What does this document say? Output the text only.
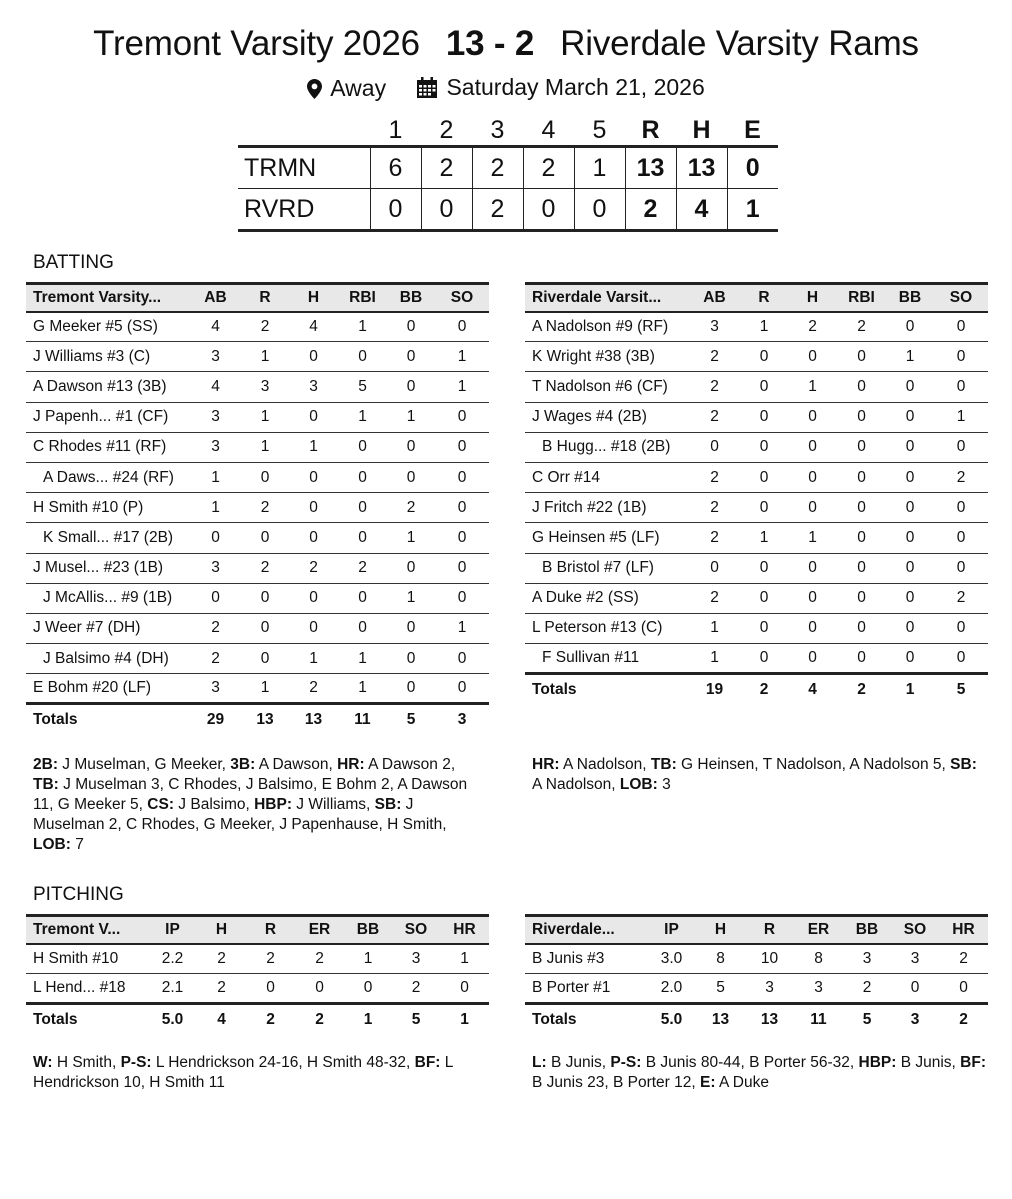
Tremont Varsity 2026 13 - 2 Riverdale Varsity Rams
Away
	Saturday March 21, 2026
	1	2	3	4	5	R	H	E
TRMN	6	2	2	2	1	13	13	0
RVRD	0	0	2	0	0	2	4	1
BATTING
Tremont Varsity...	AB	R	H	RBI	BB	SO
G Meeker #5 (SS)	4	2	4	1	0	0
J Williams #3 (C)	3	1	0	0	0	1
A Dawson #13 (3B)	4	3	3	5	0	1
J Papenh... #1 (CF)	3	1	0	1	1	0
C Rhodes #11 (RF)	3	1	1	0	0	0
A Daws... #24 (RF)	1	0	0	0	0	0
H Smith #10 (P)	1	2	0	0	2	0
K Small... #17 (2B)	0	0	0	0	1	0
J Musel... #23 (1B)	3	2	2	2	0	0
J McAllis... #9 (1B)	0	0	0	0	1	0
J Weer #7 (DH)	2	0	0	0	0	1
J Balsimo #4 (DH)	2	0	1	1	0	0
E Bohm #20 (LF)	3	1	2	1	0	0
Totals	29	13	13	11	5	3
Riverdale Varsit...	AB	R	H	RBI	BB	SO
A Nadolson #9 (RF)	3	1	2	2	0	0
K Wright #38 (3B)	2	0	0	0	1	0
T Nadolson #6 (CF)	2	0	1	0	0	0
J Wages #4 (2B)	2	0	0	0	0	1
B Hugg... #18 (2B)	0	0	0	0	0	0
C Orr #14	2	0	0	0	0	2
J Fritch #22 (1B)	2	0	0	0	0	0
G Heinsen #5 (LF)	2	1	1	0	0	0
B Bristol #7 (LF)	0	0	0	0	0	0
A Duke #2 (SS)	2	0	0	0	0	2
L Peterson #13 (C)	1	0	0	0	0	0
F Sullivan #11	1	0	0	0	0	0
Totals	19	2	4	2	1	5
2B: J Muselman, G Meeker, 3B: A Dawson, HR: A Dawson 2, TB: J Muselman 3, C Rhodes, J Balsimo, E Bohm 2, A Dawson 11, G Meeker 5, CS: J Balsimo, HBP: J Williams, SB: J Muselman 2, C Rhodes, G Meeker, J Papenhause, H Smith, LOB: 7
HR: A Nadolson, TB: G Heinsen, T Nadolson, A Nadolson 5, SB: A Nadolson, LOB: 3
PITCHING
Tremont V...	IP	H	R	ER	BB	SO	HR
H Smith #10	2.2	2	2	2	1	3	1
L Hend... #18	2.1	2	0	0	0	2	0
Totals	5.0	4	2	2	1	5	1
Riverdale...	IP	H	R	ER	BB	SO	HR
B Junis #3	3.0	8	10	8	3	3	2
B Porter #1	2.0	5	3	3	2	0	0
Totals	5.0	13	13	11	5	3	2
W: H Smith, P-S: L Hendrickson 24-16, H Smith 48-32, BF: L Hendrickson 10, H Smith 11
L: B Junis, P-S: B Junis 80-44, B Porter 56-32, HBP: B Junis, BF: B Junis 23, B Porter 12, E: A Duke
